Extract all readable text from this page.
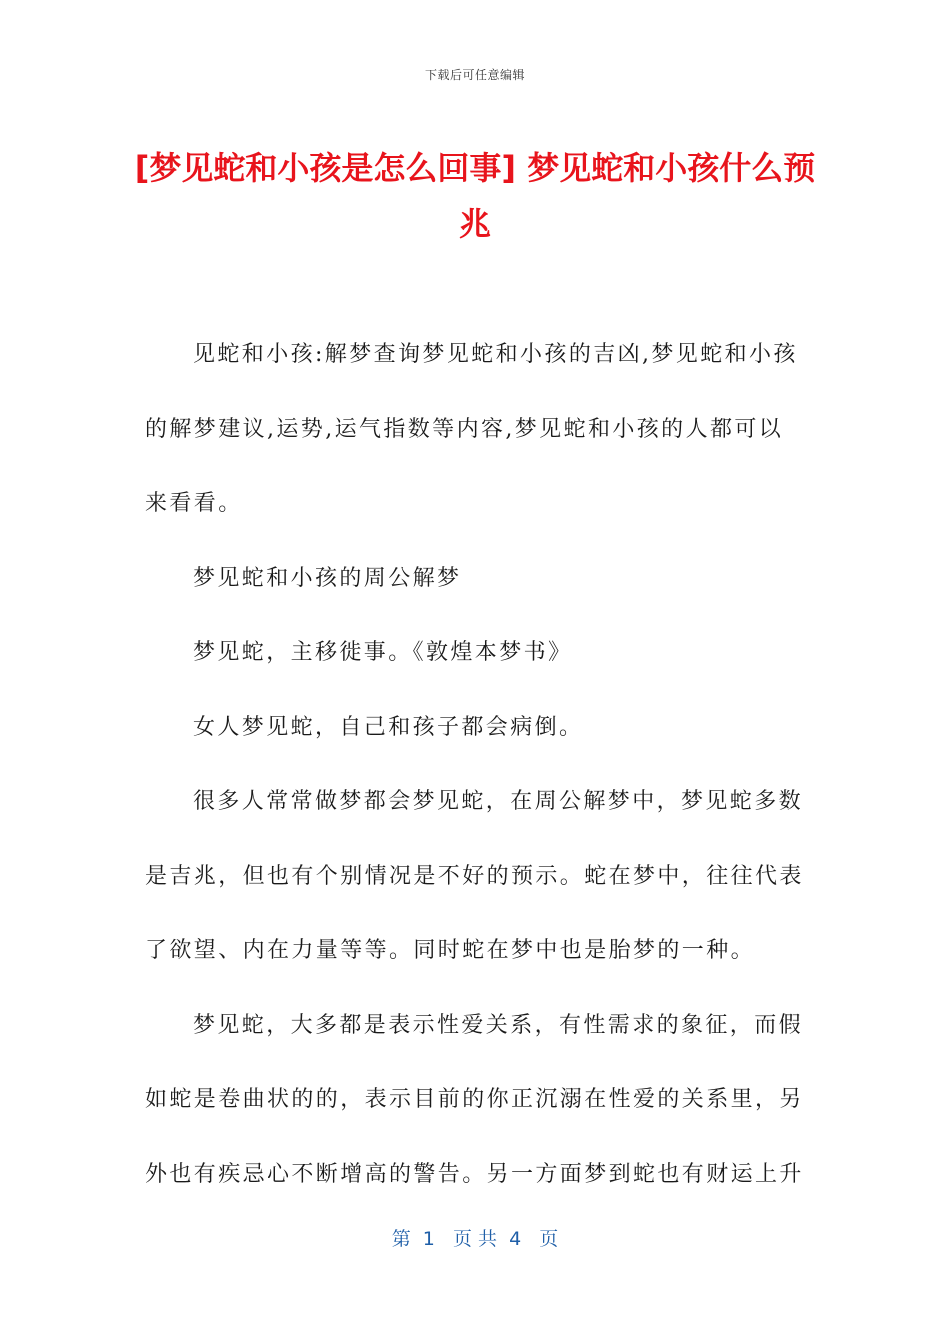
下载后可任意编辑
[梦见蛇和小孩是怎么回事] 梦见蛇和小孩什么预兆

见蛇和小孩:解梦查询梦见蛇和小孩的吉凶,梦见蛇和小孩的解梦建议,运势,运气指数等内容,梦见蛇和小孩的人都可以来看看。

梦见蛇和小孩的周公解梦

梦见蛇，主移徙事。《敦煌本梦书》

女人梦见蛇，自己和孩子都会病倒。

很多人常常做梦都会梦见蛇，在周公解梦中，梦见蛇多数是吉兆，但也有个别情况是不好的预示。蛇在梦中，往往代表了欲望、内在力量等等。同时蛇在梦中也是胎梦的一种。

梦见蛇，大多都是表示性爱关系，有性需求的象征，而假如蛇是卷曲状的的，表示目前的你正沉溺在性爱的关系里，另外也有疾忌心不断增高的警告。另一方面梦到蛇也有财运上升

第  1   页 共  4   页
